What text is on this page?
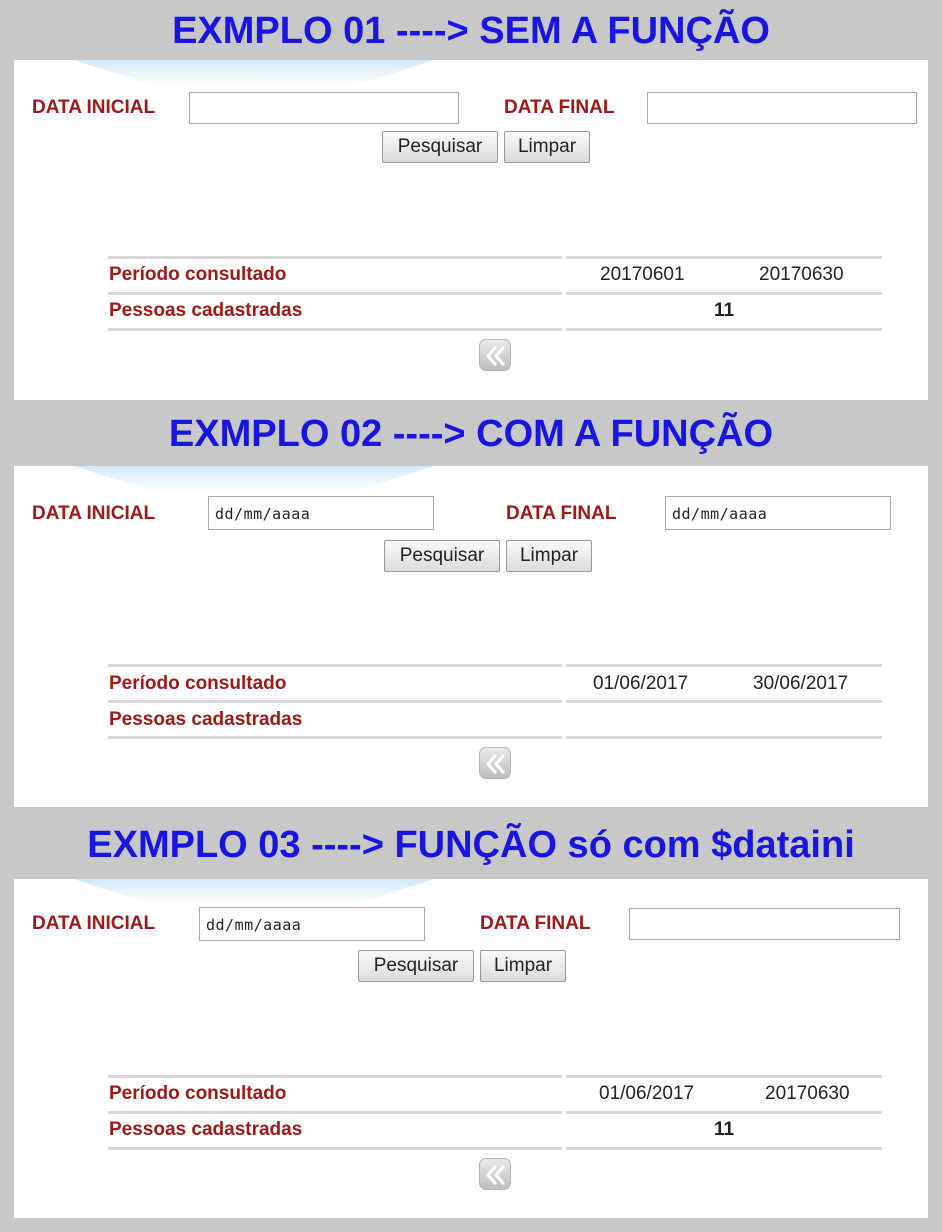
EXMPLO 01 ----> SEM A FUNÇÃO
DATA INICIAL	DATA FINAL
Pesquisar	Limpar
Período consultado	20170601	20170630
Pessoas cadastradas	11
EXMPLO 02 ----> COM A FUNÇÃO
DATA INICIAL	dd/mm/aaaa	DATA FINAL	dd/mm/aaaa
Pesquisar	Limpar
Período consultado	01/06/2017	30/06/2017
Pessoas cadastradas
EXMPLO 03 ----> FUNÇÃO só com $dataini
DATA INICIAL	dd/mm/aaaa	DATA FINAL
Pesquisar	Limpar
Período consultado	01/06/2017	20170630
Pessoas cadastradas	11
